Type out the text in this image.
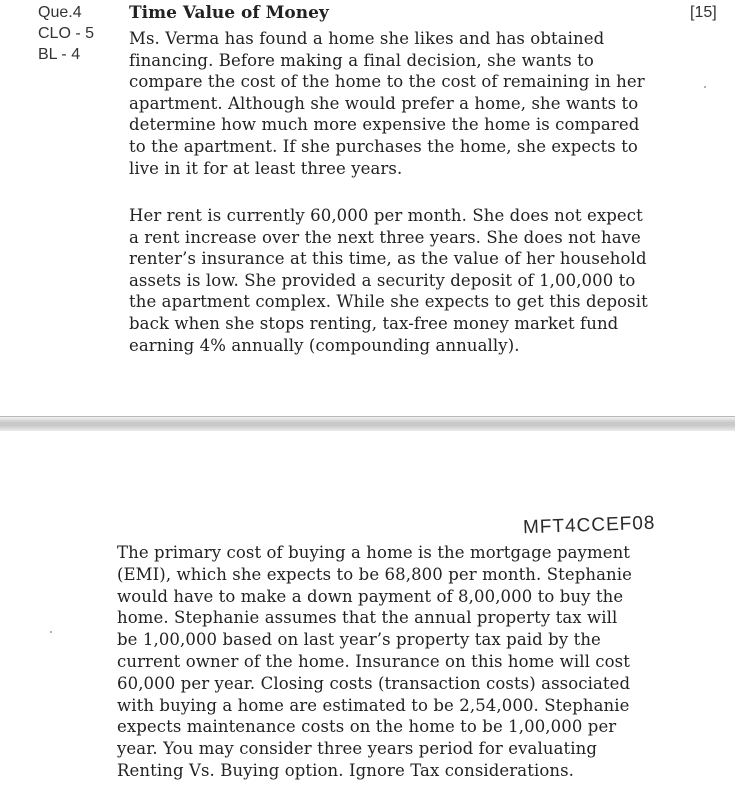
Que.4
CLO - 5
BL - 4
Time Value of Money	[15]

Ms. Verma has found a home she likes and has obtained
financing. Before making a final decision, she wants to
compare the cost of the home to the cost of remaining in her
apartment. Although she would prefer a home, she wants to
determine how much more expensive the home is compared
to the apartment. If she purchases the home, she expects to
live in it for at least three years.

Her rent is currently 60,000 per month. She does not expect
a rent increase over the next three years. She does not have
renter’s insurance at this time, as the value of her household
assets is low. She provided a security deposit of 1,00,000 to
the apartment complex. While she expects to get this deposit
back when she stops renting, tax-free money market fund
earning 4% annually (compounding annually).

MFT4CCEF08

The primary cost of buying a home is the mortgage payment
(EMI), which she expects to be 68,800 per month. Stephanie
would have to make a down payment of 8,00,000 to buy the
home. Stephanie assumes that the annual property tax will
be 1,00,000 based on last year’s property tax paid by the
current owner of the home. Insurance on this home will cost
60,000 per year. Closing costs (transaction costs) associated
with buying a home are estimated to be 2,54,000. Stephanie
expects maintenance costs on the home to be 1,00,000 per
year. You may consider three years period for evaluating
Renting Vs. Buying option. Ignore Tax considerations.
